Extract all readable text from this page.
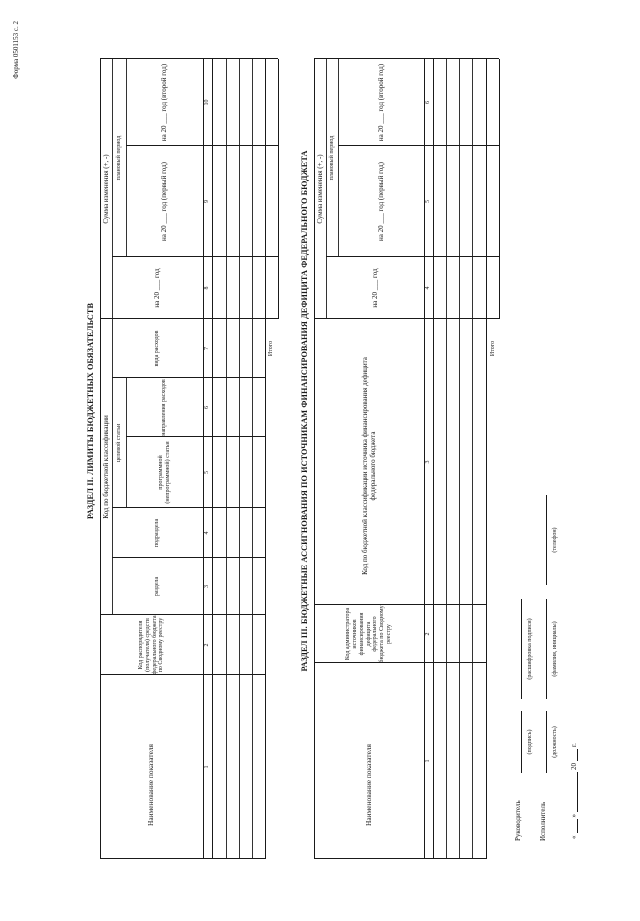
Форма 0501153 с. 2
РАЗДЕЛ II. ЛИМИТЫ БЮДЖЕТНЫХ ОБЯЗАТЕЛЬСТВ
Наименование показателя
Код распорядителя (получателя) средств федерального бюджета по Сводному реестру
Код по бюджетной классификации
раздела
подраздела
целевой статьи
программной (непрограммной) статьи
направления расходов
вида расходов
Сумма изменения (+, -)
на 20 ___ год
плановый период
на 20 ___ год (первый год)
на 20 ___ год (второй год)
1
2
3
4
5
6
7
8
9
10
Итого	РАЗДЕЛ III. БЮДЖЕТНЫЕ АССИГНОВАНИЯ ПО ИСТОЧНИКАМ ФИНАНСИРОВАНИЯ ДЕФИЦИТА ФЕДЕРАЛЬНОГО БЮДЖЕТА
Наименование показателя
Код администратора источников финансирования дефицита федерального бюджета по Сводному реестру
Код по бюджетной классификации источника финансирования дефицита федерального бюджета
Сумма изменения (+, -)
на 20 ___ год
плановый период
на 20 ___ год (первый год)
на 20 ___ год (второй год)
1
2
3
4
5
6
Итого
Руководитель
(подпись)
(расшифровка подписи)
Исполнитель
(должность)
(фамилия, инициалы)
(телефон)
«
»
20
г.
